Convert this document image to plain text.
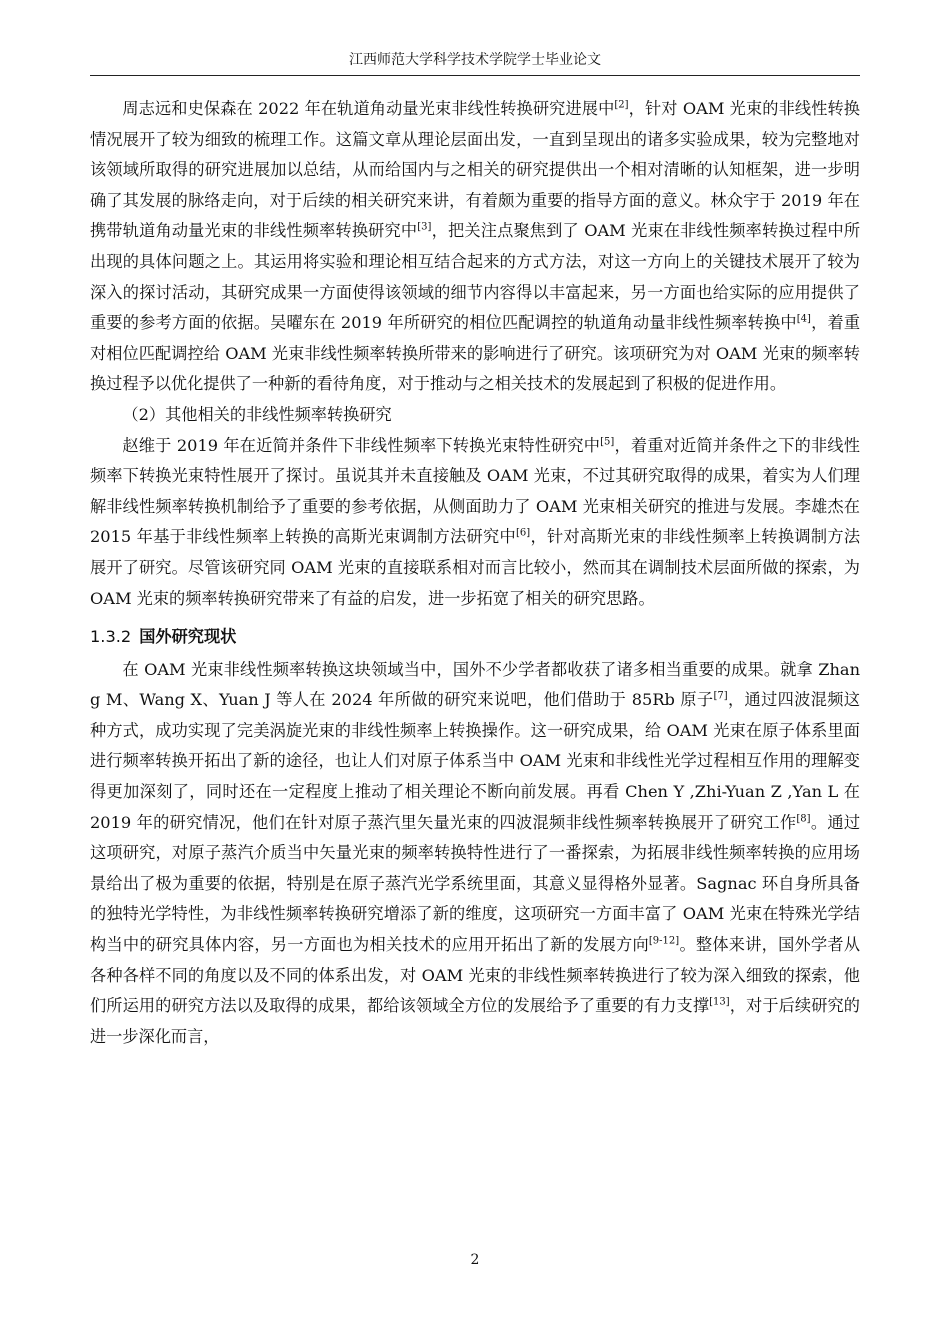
江西师范大学科学技术学院学士毕业论文

周志远和史保森在 2022 年在轨道角动量光束非线性转换研究进展中[2]，针对 OAM 光束的非线性转换情况展开了较为细致的梳理工作。这篇文章从理论层面出发，一直到呈现出的诸多实验成果，较为完整地对该领域所取得的研究进展加以总结，从而给国内与之相关的研究提供出一个相对清晰的认知框架，进一步明确了其发展的脉络走向，对于后续的相关研究来讲，有着颇为重要的指导方面的意义。林众宇于 2019 年在携带轨道角动量光束的非线性频率转换研究中[3]，把关注点聚焦到了 OAM 光束在非线性频率转换过程中所出现的具体问题之上。其运用将实验和理论相互结合起来的方式方法，对这一方向上的关键技术展开了较为深入的探讨活动，其研究成果一方面使得该领域的细节内容得以丰富起来，另一方面也给实际的应用提供了重要的参考方面的依据。吴曜东在 2019 年所研究的相位匹配调控的轨道角动量非线性频率转换中[4]，着重对相位匹配调控给 OAM 光束非线性频率转换所带来的影响进行了研究。该项研究为对 OAM 光束的频率转换过程予以优化提供了一种新的看待角度，对于推动与之相关技术的发展起到了积极的促进作用。

（2）其他相关的非线性频率转换研究

赵维于 2019 年在近简并条件下非线性频率下转换光束特性研究中[5]，着重对近简并条件之下的非线性频率下转换光束特性展开了探讨。虽说其并未直接触及 OAM 光束，不过其研究取得的成果，着实为人们理解非线性频率转换机制给予了重要的参考依据，从侧面助力了 OAM 光束相关研究的推进与发展。李雄杰在 2015 年基于非线性频率上转换的高斯光束调制方法研究中[6]，针对高斯光束的非线性频率上转换调制方法展开了研究。尽管该研究同 OAM 光束的直接联系相对而言比较小，然而其在调制技术层面所做的探索，为 OAM 光束的频率转换研究带来了有益的启发，进一步拓宽了相关的研究思路。

1.3.2 国外研究现状

在 OAM 光束非线性频率转换这块领域当中，国外不少学者都收获了诸多相当重要的成果。就拿 Zhang M、Wang X、Yuan J 等人在 2024 年所做的研究来说吧，他们借助于 85Rb 原子[7]，通过四波混频这种方式，成功实现了完美涡旋光束的非线性频率上转换操作。这一研究成果，给 OAM 光束在原子体系里面进行频率转换开拓出了新的途径，也让人们对原子体系当中 OAM 光束和非线性光学过程相互作用的理解变得更加深刻了，同时还在一定程度上推动了相关理论不断向前发展。再看 Chen Y ,Zhi-Yuan Z ,Yan L 在 2019 年的研究情况，他们在针对原子蒸汽里矢量光束的四波混频非线性频率转换展开了研究工作[8]。通过这项研究，对原子蒸汽介质当中矢量光束的频率转换特性进行了一番探索，为拓展非线性频率转换的应用场景给出了极为重要的依据，特别是在原子蒸汽光学系统里面，其意义显得格外显著。Sagnac 环自身所具备的独特光学特性，为非线性频率转换研究增添了新的维度，这项研究一方面丰富了 OAM 光束在特殊光学结构当中的研究具体内容，另一方面也为相关技术的应用开拓出了新的发展方向[9-12]。整体来讲，国外学者从各种各样不同的角度以及不同的体系出发，对 OAM 光束的非线性频率转换进行了较为深入细致的探索，他们所运用的研究方法以及取得的成果，都给该领域全方位的发展给予了重要的有力支撑[13]，对于后续研究的进一步深化而言，

2
